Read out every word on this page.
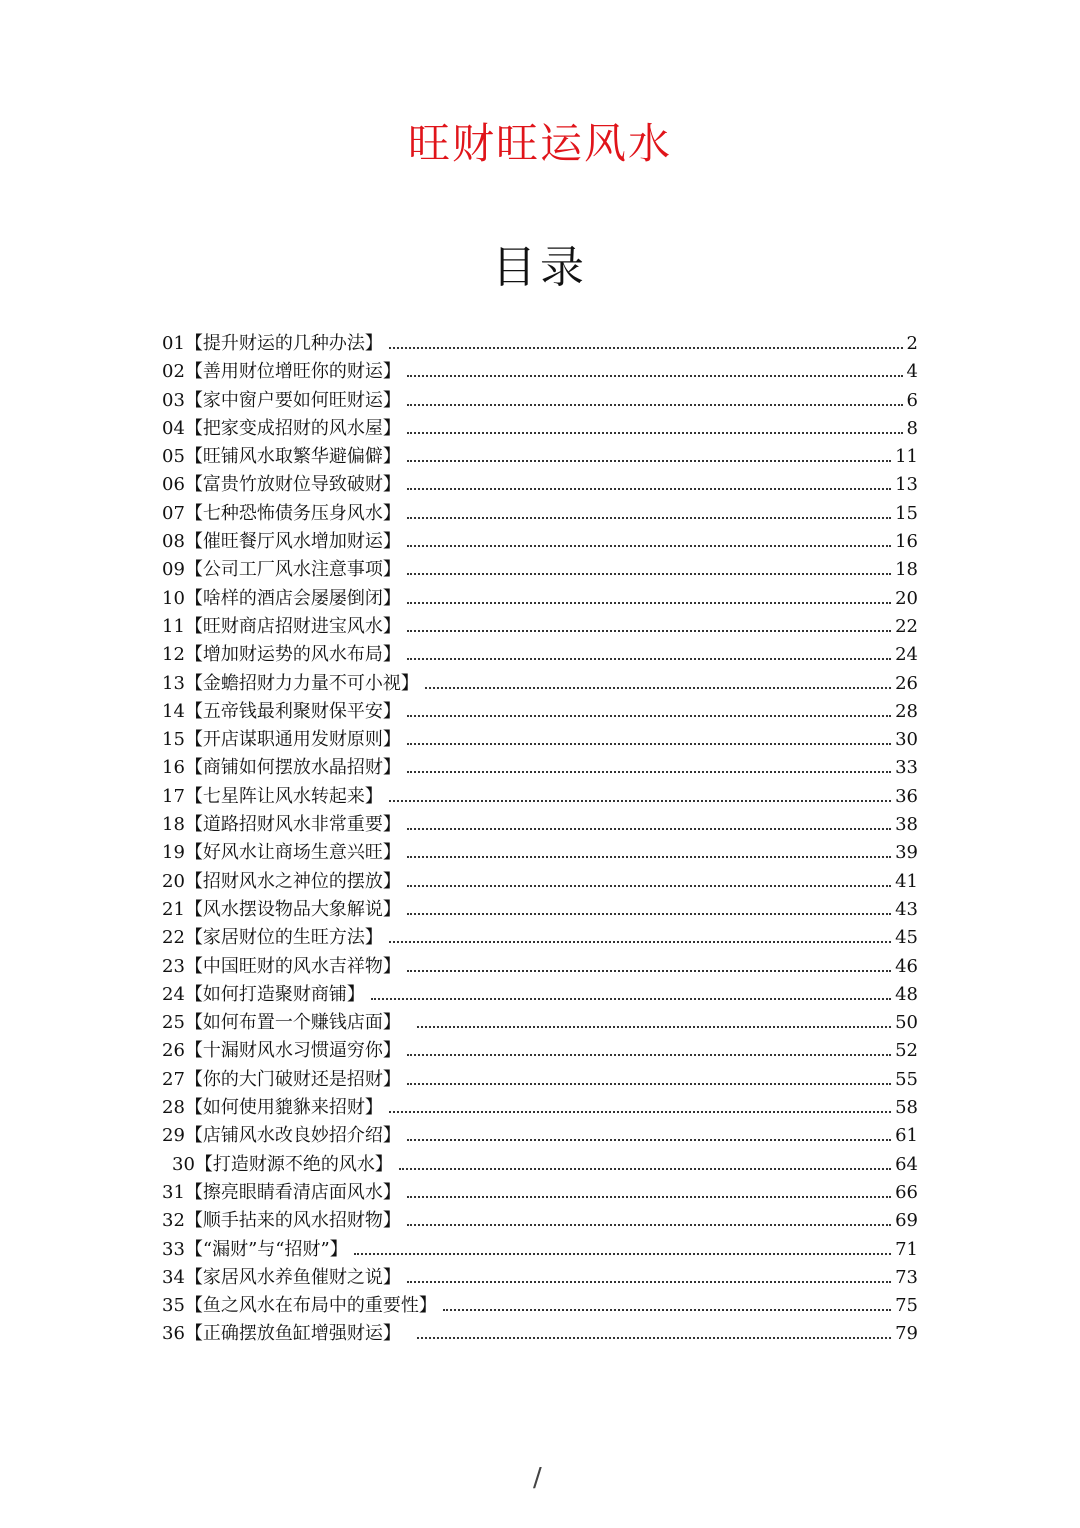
旺财旺运风水
目录
01 【提升财运的几种办法】	2
02 【善用财位增旺你的财运】	4
03 【家中窗户要如何旺财运】	6
04 【把家变成招财的风水屋】	8
05 【旺铺风水取繁华避偏僻】	11
06 【富贵竹放财位导致破财】	13
07 【七种恐怖债务压身风水】	15
08 【催旺餐厅风水增加财运】	16
09 【公司工厂风水注意事项】	18
10 【啥样的酒店会屡屡倒闭】	20
11 【旺财商店招财进宝风水】	22
12 【增加财运势的风水布局】	24
13 【金蟾招财力力量不可小视】	26
14 【五帝钱最利聚财保平安】	28
15 【开店谋职通用发财原则】	30
16 【商铺如何摆放水晶招财】	33
17 【七星阵让风水转起来】	36
18 【道路招财风水非常重要】	38
19 【好风水让商场生意兴旺】	39
20 【招财风水之神位的摆放】	41
21 【风水摆设物品大象解说】	43
22 【家居财位的生旺方法】	45
23 【中国旺财的风水吉祥物】	46
24 【如何打造聚财商铺】	48
25 【如何布置一个赚钱店面】	50
26 【十漏财风水习惯逼穷你】	52
27 【你的大门破财还是招财】	55
28 【如何使用貔貅来招财】	58
29 【店铺风水改良妙招介绍】	61
30 【打造财源不绝的风水】	64
31 【擦亮眼睛看清店面风水】	66
32 【顺手拈来的风水招财物】	69
33 【“漏财”与“招财”】	71
34 【家居风水养鱼催财之说】	73
35 【鱼之风水在布局中的重要性】	75
36 【正确摆放鱼缸增强财运】	79
/
